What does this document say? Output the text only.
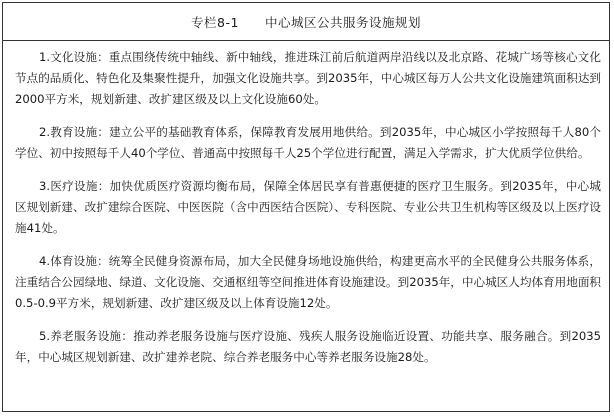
专栏8-1 中心城区公共服务设施规划

1.文化设施：重点围绕传统中轴线、新中轴线，推进珠江前后航道两岸沿线以及北京路、花城广场等核心文化节点的品质化、特色化及集聚性提升，加强文化设施共享。到2035年，中心城区每万人公共文化设施建筑面积达到2000平方米，规划新建、改扩建区级及以上文化设施60处。

2.教育设施：建立公平的基础教育体系，保障教育发展用地供给。到2035年，中心城区小学按照每千人80个学位、初中按照每千人40个学位、普通高中按照每千人25个学位进行配置，满足入学需求，扩大优质学位供给。

3.医疗设施：加快优质医疗资源均衡布局，保障全体居民享有普惠便捷的医疗卫生服务。到2035年，中心城区规划新建、改扩建综合医院、中医医院（含中西医结合医院）、专科医院、专业公共卫生机构等区级及以上医疗设施41处。

4.体育设施：统筹全民健身资源布局，加大全民健身场地设施供给，构建更高水平的全民健身公共服务体系，注重结合公园绿地、绿道、文化设施、交通枢纽等空间推进体育设施建设。到2035年，中心城区人均体育用地面积0.5-0.9平方米，规划新建、改扩建区级及以上体育设施12处。

5.养老服务设施：推动养老服务设施与医疗设施、残疾人服务设施临近设置、功能共享、服务融合。到2035年，中心城区规划新建、改扩建养老院、综合养老服务中心等养老服务设施28处。
